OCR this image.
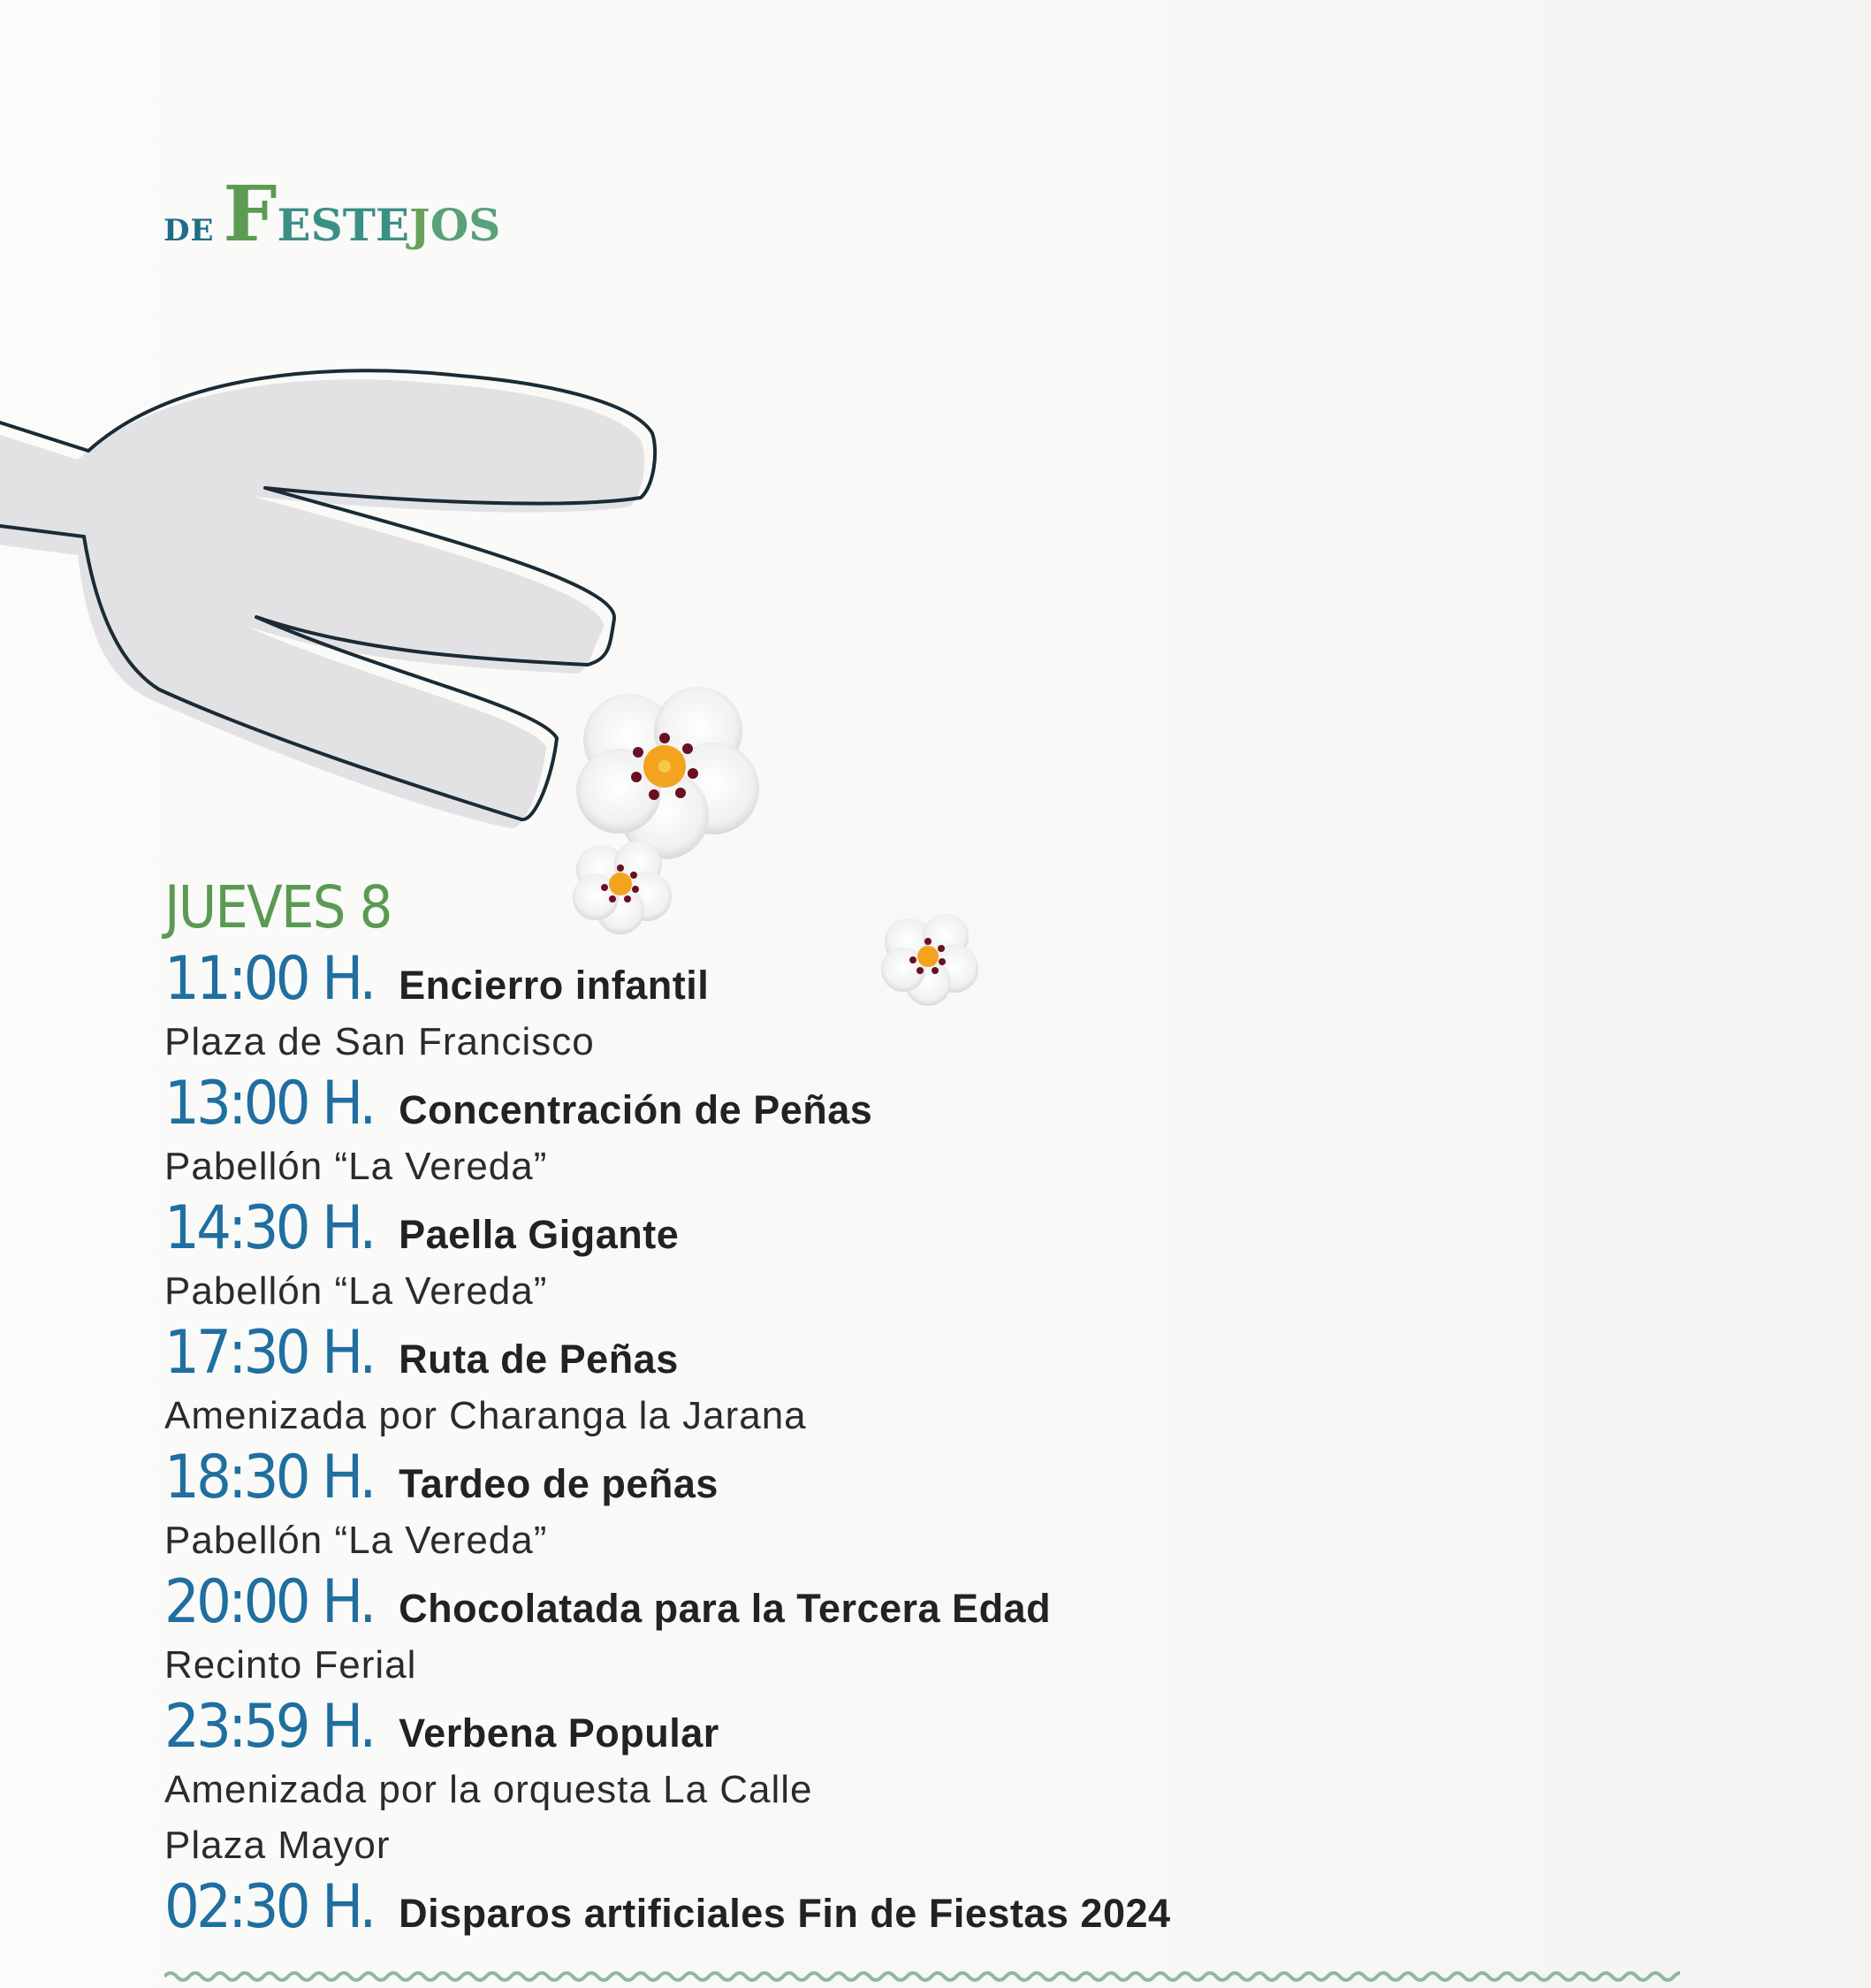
DE F ESTEJOS
JUEVES 8
11:00 H. Encierro infantil
Plaza de San Francisco
13:00 H. Concentración de Peñas
Pabellón “La Vereda”
14:30 H. Paella Gigante
Pabellón “La Vereda”
17:30 H. Ruta de Peñas
Amenizada por Charanga la Jarana
18:30 H. Tardeo de peñas
Pabellón “La Vereda”
20:00 H. Chocolatada para la Tercera Edad
Recinto Ferial
23:59 H. Verbena Popular
Amenizada por la orquesta La Calle
Plaza Mayor
02:30 H. Disparos artificiales Fin de Fiestas 2024
